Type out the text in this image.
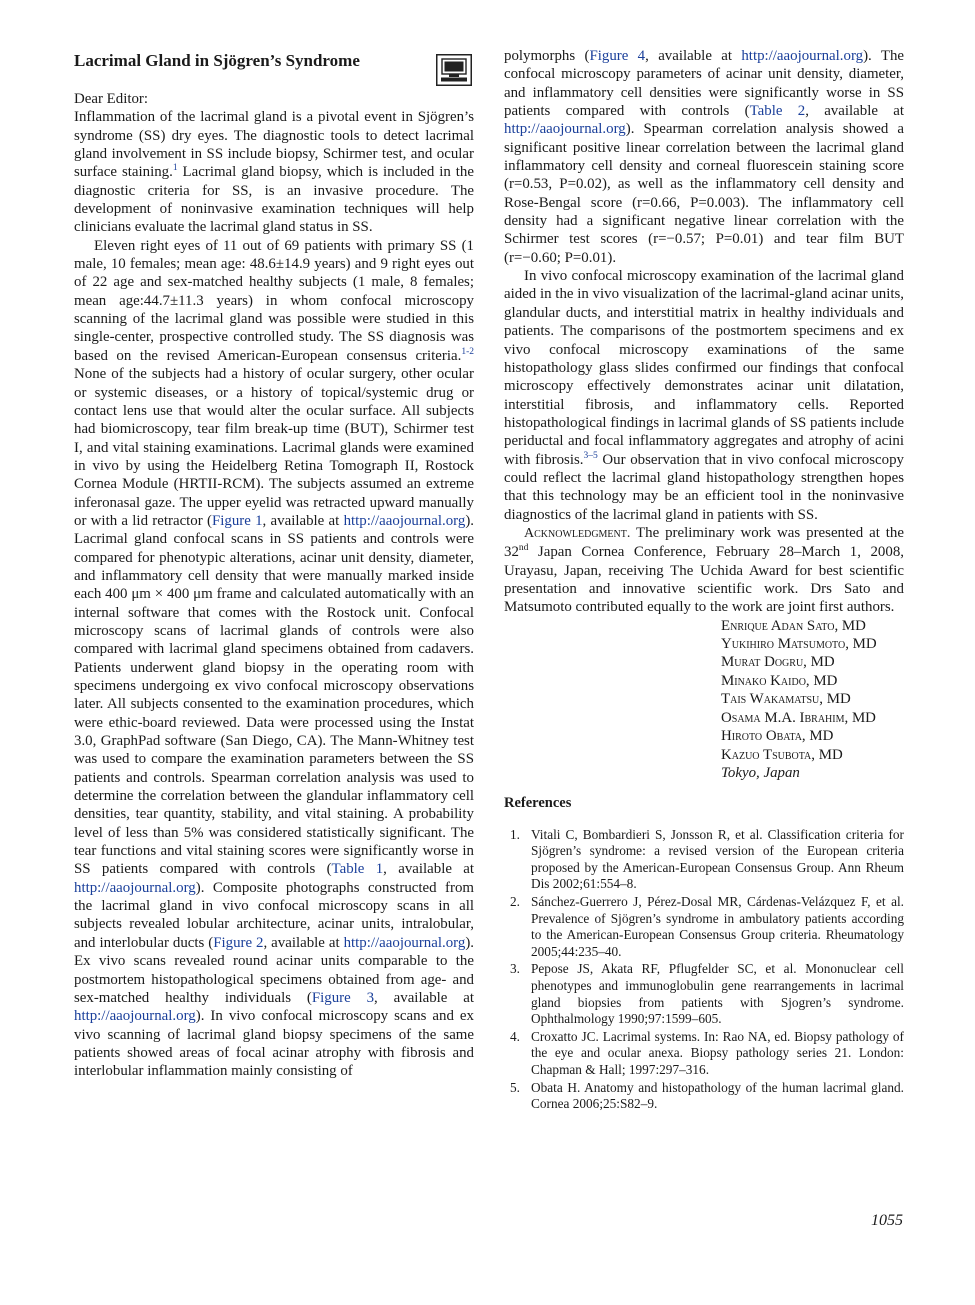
Lacrimal Gland in Sjögren’s Syndrome

Dear Editor:

Inflammation of the lacrimal gland is a pivotal event in Sjögren’s syndrome (SS) dry eyes. The diagnostic tools to detect lacrimal gland involvement in SS include biopsy, Schirmer test, and ocular surface staining.$^1$ Lacrimal gland biopsy, which is included in the diagnostic criteria for SS, is an invasive procedure. The development of noninvasive examination techniques will help clinicians evaluate the lacrimal gland status in SS.

Eleven right eyes of 11 out of 69 patients with primary SS (1 male, 10 females; mean age: 48.6±14.9 years) and 9 right eyes out of 22 age and sex-matched healthy subjects (1 male, 8 females; mean age:44.7±11.3 years) in whom confocal microscopy scanning of the lacrimal gland was possible were studied in this single-center, prospective controlled study. The SS diagnosis was based on the revised American-European consensus criteria.$^{1-2}$ None of the subjects had a history of ocular surgery, other ocular or systemic diseases, or a history of topical/systemic drug or contact lens use that would alter the ocular surface. All subjects had biomicroscopy, tear film break-up time (BUT), Schirmer test I, and vital staining examinations. Lacrimal glands were examined in vivo by using the Heidelberg Retina Tomograph II, Rostock Cornea Module (HRTII-RCM). The subjects assumed an extreme inferonasal gaze. The upper eyelid was retracted upward manually or with a lid retractor (Figure 1, available at http://aaojournal.org). Lacrimal gland confocal scans in SS patients and controls were compared for phenotypic alterations, acinar unit density, diameter, and inflammatory cell density that were manually marked inside each 400 μm × 400 μm frame and calculated automatically with an internal software that comes with the Rostock unit. Confocal microscopy scans of lacrimal glands of controls were also compared with lacrimal gland specimens obtained from cadavers. Patients underwent gland biopsy in the operating room with specimens undergoing ex vivo confocal microscopy observations later. All subjects consented to the examination procedures, which were ethic-board reviewed. Data were processed using the Instat 3.0, GraphPad software (San Diego, CA). The Mann-Whitney test was used to compare the examination parameters between the SS patients and controls. Spearman correlation analysis was used to determine the correlation between the glandular inflammatory cell densities, tear quantity, stability, and vital staining. A probability level of less than 5% was considered statistically significant. The tear functions and vital staining scores were significantly worse in SS patients compared with controls (Table 1, available at http://aaojournal.org). Composite photographs constructed from the lacrimal gland in vivo confocal microscopy scans in all subjects revealed lobular architecture, acinar units, intralobular, and interlobular ducts (Figure 2, available at http://aaojournal.org). Ex vivo scans revealed round acinar units comparable to the postmortem histopathological specimens obtained from age- and sex-matched healthy individuals (Figure 3, available at http://aaojournal.org). In vivo confocal microscopy scans and ex vivo scanning of lacrimal gland biopsy specimens of the same patients showed areas of focal acinar atrophy with fibrosis and interlobular inflammation mainly consisting of

polymorphs (Figure 4, available at http://aaojournal.org). The confocal microscopy parameters of acinar unit density, diameter, and inflammatory cell densities were significantly worse in SS patients compared with controls (Table 2, available at http://aaojournal.org). Spearman correlation analysis showed a significant positive linear correlation between the lacrimal gland inflammatory cell density and corneal fluorescein staining score (r=0.53, P=0.02), as well as the inflammatory cell density and Rose-Bengal score (r=0.66, P=0.003). The inflammatory cell density had a significant negative linear correlation with the Schirmer test scores (r=−0.57; P=0.01) and tear film BUT (r=−0.60; P=0.01).

In vivo confocal microscopy examination of the lacrimal gland aided in the in vivo visualization of the lacrimal-gland acinar units, glandular ducts, and interstitial matrix in healthy individuals and patients. The comparisons of the postmortem specimens and ex vivo confocal microscopy examinations of the same histopathology glass slides confirmed our findings that confocal microscopy effectively demonstrates acinar unit dilatation, interstitial fibrosis, and inflammatory cells. Reported histopathological findings in lacrimal glands of SS patients include periductal and focal inflammatory aggregates and atrophy of acini with fibrosis.$^{3-5}$ Our observation that in vivo confocal microscopy could reflect the lacrimal gland histopathology strengthen hopes that this technology may be an efficient tool in the noninvasive diagnostics of the lacrimal gland in patients with SS.

Acknowledgment. The preliminary work was presented at the 32nd Japan Cornea Conference, February 28–March 1, 2008, Urayasu, Japan, receiving The Uchida Award for best scientific presentation and innovative scientific work. Drs Sato and Matsumoto contributed equally to the work are joint first authors.

Enrique Adan Sato, MD
Yukihiro Matsumoto, MD
Murat Dogru, MD
Minako Kaido, MD
Tais Wakamatsu, MD
Osama M.A. Ibrahim, MD
Hiroto Obata, MD
Kazuo Tsubota, MD
Tokyo, Japan
References
1. Vitali C, Bombardieri S, Jonsson R, et al. Classification criteria for Sjögren’s syndrome: a revised version of the European criteria proposed by the American-European Consensus Group. Ann Rheum Dis 2002;61:554–8.
2. Sánchez-Guerrero J, Pérez-Dosal MR, Cárdenas-Velázquez F, et al. Prevalence of Sjögren’s syndrome in ambulatory patients according to the American-European Consensus Group criteria. Rheumatology 2005;44:235–40.
3. Pepose JS, Akata RF, Pflugfelder SC, et al. Mononuclear cell phenotypes and immunoglobulin gene rearrangements in lacrimal gland biopsies from patients with Sjogren’s syndrome. Ophthalmology 1990;97:1599–605.
4. Croxatto JC. Lacrimal systems. In: Rao NA, ed. Biopsy pathology of the eye and ocular anexa. Biopsy pathology series 21. London: Chapman & Hall; 1997:297–316.
5. Obata H. Anatomy and histopathology of the human lacrimal gland. Cornea 2006;25:S82–9.
1055
